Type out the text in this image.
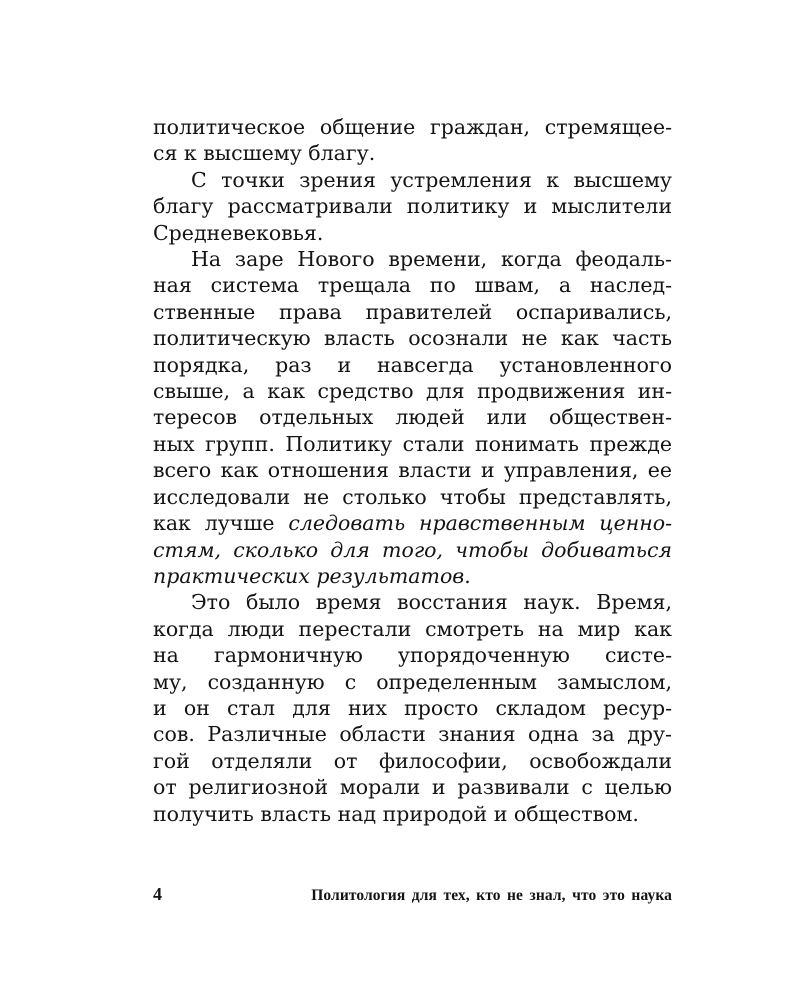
политическое общение граждан, стремящее-
ся к высшему благу.

С точки зрения устремления к высшему
благу рассматривали политику и мыслители
Средневековья.

На заре Нового времени, когда феодаль-
ная система трещала по швам, а наслед-
ственные права правителей оспаривались,
политическую власть осознали не как часть
порядка, раз и навсегда установленного
свыше, а как средство для продвижения ин-
тересов отдельных людей или обществен-
ных групп. Политику стали понимать прежде
всего как отношения власти и управления, ее
исследовали не столько чтобы представлять,
как лучше следовать нравственным ценно-
стям, сколько для того, чтобы добиваться
практических результатов.

Это было время восстания наук. Время,
когда люди перестали смотреть на мир как
на гармоничную упорядоченную систе-
му, созданную с определенным замыслом,
и он стал для них просто складом ресур-
сов. Различные области знания одна за дру-
гой отделяли от философии, освобождали
от религиозной морали и развивали с целью
получить власть над природой и обществом.

4	Политология для тех, кто не знал, что это наука
